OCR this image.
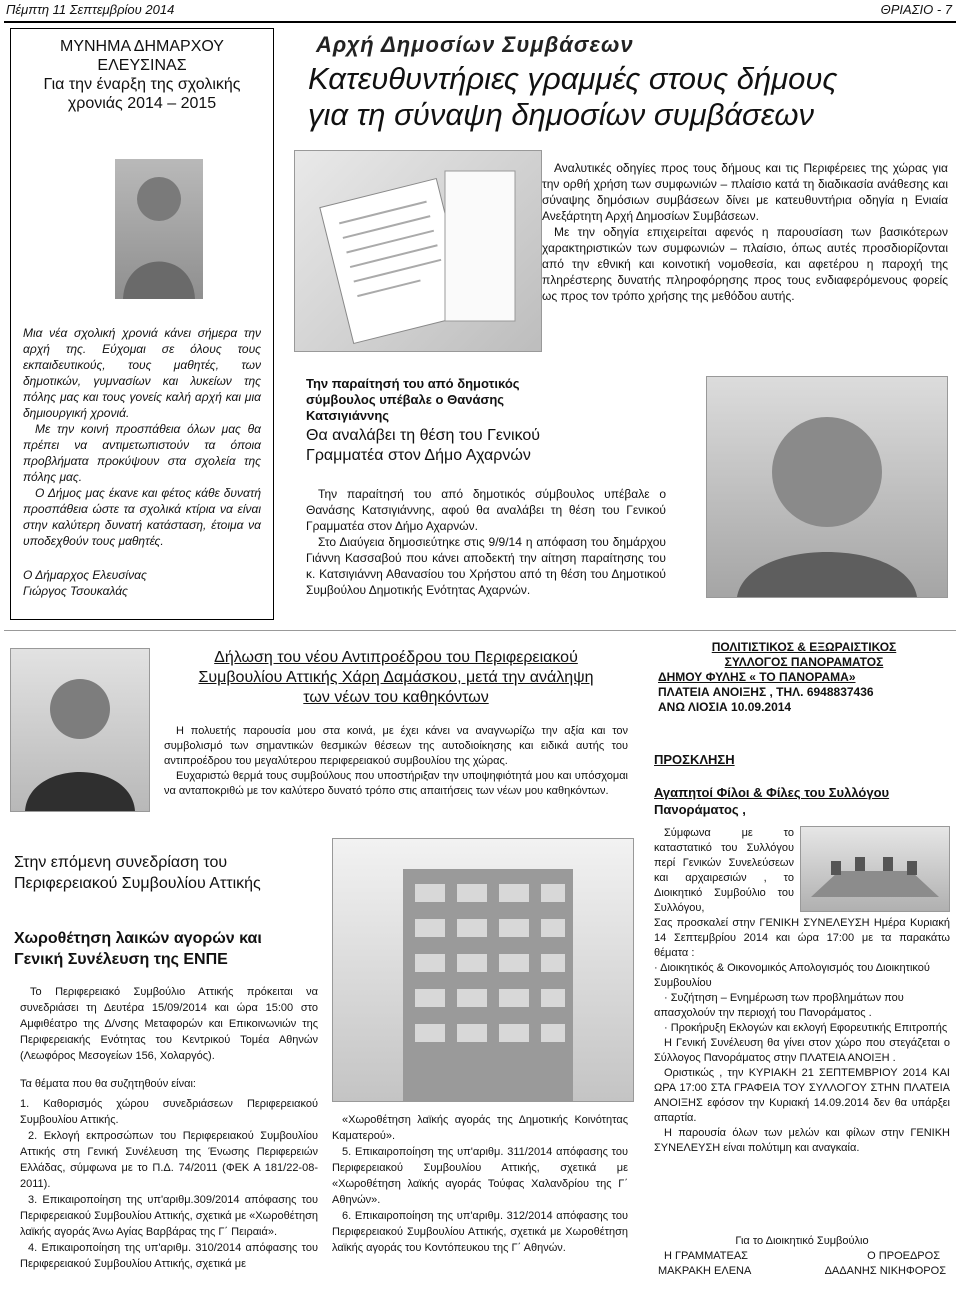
Πέμπτη 11 Σεπτεμβρίου 2014	ΘΡΙΑΣΙΟ - 7
ΜΥΝΗΜΑ ΔΗΜΑΡΧΟΥ
ΕΛΕΥΣΙΝΑΣ
Για την έναρξη της σχολικής
χρονιάς 2014 – 2015

Μια νέα σχολική χρονιά κάνει σήμερα την αρχή της. Εύχομαι σε όλους τους εκπαιδευτικούς, τους μαθητές, των δημοτικών, γυμνασίων και λυκείων της πόλης μας και τους γονείς καλή αρχή και μια δημιουργική χρονιά.

Με την κοινή προσπάθεια όλων μας θα πρέπει να αντιμετωπιστούν τα όποια προβλήματα προκύψουν στα σχολεία της πόλης μας.

Ο Δήμος μας έκανε και φέτος κάθε δυνατή προσπάθεια ώστε τα σχολικά κτίρια να είναι στην καλύτερη δυνατή κατάσταση, έτοιμα να υποδεχθούν τους μαθητές.

Ο Δήμαρχος Ελευσίνας

Γιώργος Τσουκαλάς

Αρχή Δημοσίων Συμβάσεων
Κατευθυντήριες γραμμές στους δήμους
για τη σύναψη δημοσίων συμβάσεων

Αναλυτικές οδηγίες προς τους δήμους και τις Περιφέρειες της χώρας για την ορθή χρήση των συμφωνιών – πλαίσιο κατά τη διαδικασία ανάθεσης και σύναψης δημόσιων συμβάσεων δίνει με κατευθυντήρια οδηγία η Ενιαία Ανεξάρτητη Αρχή Δημοσίων Συμβάσεων.

Με την οδηγία επιχειρείται αφενός η παρουσίαση των βασικότερων χαρακτηριστικών των συμφωνιών – πλαίσιο, όπως αυτές προσδιορίζονται από την εθνική και κοινοτική νομοθεσία, και αφετέρου η παροχή της πληρέστερης δυνατής πληροφόρησης προς τους ενδιαφερόμενους φορείς ως προς τον τρόπο χρήσης της μεθόδου αυτής.

Την παραίτησή του από δημοτικός
σύμβουλος υπέβαλε ο Θανάσης
Κατσιγιάννης
Θα αναλάβει τη θέση του Γενικού
Γραμματέα στον Δήμο Αχαρνών

Την παραίτησή του από δημοτικός σύμβουλος υπέβαλε ο Θανάσης Κατσιγιάννης, αφού θα αναλάβει τη θέση του Γενικού Γραμματέα στον Δήμο Αχαρνών.

Στο Διαύγεια δημοσιεύτηκε στις 9/9/14 η απόφαση του δημάρχου Γιάννη Κασσαβού που κάνει αποδεκτή την αίτηση παραίτησης του κ. Κατσιγιάννη Αθανασίου του Χρήστου από τη θέση του Δημοτικού Συμβούλου Δημοτικής Ενότητας Αχαρνών.

Δήλωση του νέου Αντιπροέδρου του Περιφερειακού
Συμβουλίου Αττικής Χάρη Δαμάσκου, μετά την ανάληψη
των νέων του καθηκόντων

Η πολυετής παρουσία μου στα κοινά, με έχει κάνει να αναγνωρίζω την αξία και τον συμβολισμό των σημαντικών θεσμικών θέσεων της αυτοδιοίκησης και ειδικά αυτής του αντιπροέδρου του μεγαλύτερου περιφερειακού συμβουλίου της χώρας.

Ευχαριστώ θερμά τους συμβούλους που υποστήριξαν την υποψηφιότητά μου και υπόσχομαι να ανταποκριθώ με τον καλύτερο δυνατό τρόπο στις απαιτήσεις των νέων μου καθηκόντων.

Στην επόμενη συνεδρίαση του
Περιφερειακού Συμβουλίου Αττικής
Χωροθέτηση λαικών αγορών και
Γενική Συνέλευση της ΕΝΠΕ
Το Περιφερειακό Συμβούλιο Αττικής πρόκειται να συνεδριάσει τη Δευτέρα 15/09/2014 και ώρα 15:00 στο Αμφιθέατρο της Δ/νσης Μεταφορών και Επικοινωνιών της Περιφερειακής Ενότητας του Κεντρικού Τομέα Αθηνών (Λεωφόρος Μεσογείων 156, Χολαργός).

Τα θέματα που θα συζητηθούν είναι:

1. Καθορισμός χώρου συνεδριάσεων Περιφερειακού Συμβουλίου Αττικής.

2. Εκλογή εκπροσώπων του Περιφερειακού Συμβουλίου Αττικής στη Γενική Συνέλευση της Ένωσης Περιφερειών Ελλάδας, σύμφωνα με το Π.Δ. 74/2011 (ΦΕΚ Α 181/22-08-2011).

3. Επικαιροποίηση της υπ'αριθμ.309/2014 απόφασης του Περιφερειακού Συμβουλίου Αττικής, σχετικά με «Χωροθέτηση λαϊκής αγοράς Άνω Αγίας Βαρβάρας της Γ΄ Πειραιά».

4. Επικαιροποίηση της υπ'αριθμ. 310/2014 απόφασης του Περιφερειακού Συμβουλίου Αττικής, σχετικά με

«Χωροθέτηση λαϊκής αγοράς της Δημοτικής Κοινότητας Καματερού».

5. Επικαιροποίηση της υπ'αριθμ. 311/2014 απόφασης του Περιφερειακού Συμβουλίου Αττικής, σχετικά με «Χωροθέτηση λαϊκής αγοράς Τούφας Χαλανδρίου της Γ΄ Αθηνών».

6. Επικαιροποίηση της υπ'αριθμ. 312/2014 απόφασης του Περιφερειακού Συμβουλίου Αττικής, σχετικά με Χωροθέτηση λαϊκής αγοράς του Κοντόπευκου της Γ΄ Αθηνών.

ΠΟΛΙΤΙΣΤΙΚΟΣ & ΕΞΩΡΑΙΣΤΙΚΟΣ
ΣΥΛΛΟΓΟΣ ΠΑΝΟΡΑΜΑΤΟΣ
ΔΗΜΟΥ ΦΥΛΗΣ « ΤΟ ΠΑΝΟΡΑΜΑ»
ΠΛΑΤΕΙΑ ΑΝΟΙΞΗΣ , ΤΗΛ. 6948837436
ΑΝΩ ΛΙΟΣΙΑ 10.09.2014
ΠΡΟΣΚΛΗΣΗ
Αγαπητοί Φίλοι & Φίλες του Συλλόγου
Πανοράματος ,

Σύμφωνα με το καταστατικό του Συλλόγου περί Γενικών Συνελεύσεων και αρχαιρεσιών , το Διοικητικό Συμβούλιο του Συλλόγου,

Σας προσκαλεί στην ΓΕΝΙΚΗ ΣΥΝΕΛΕΥΣΗ Ημέρα Κυριακή 14 Σεπτεμβρίου 2014 και ώρα 17:00 με τα παρακάτω θέματα :

· Διοικητικός & Οικονομικός Απολογισμός του Διοικητικού Συμβουλίου

· Συζήτηση – Ενημέρωση των προβλημάτων που απασχολούν την περιοχή του Πανοράματος .

· Προκήρυξη Εκλογών και εκλογή Εφορευτικής Επιτροπής

Η Γενική Συνέλευση θα γίνει στον χώρο που στεγάζεται ο Σύλλογος Πανοράματος στην ΠΛΑΤΕΙΑ ΑΝΟΙΞΗ .

Οριστικώς , την ΚΥΡΙΑΚΗ 21 ΣΕΠΤΕΜΒΡΙΟΥ 2014 ΚΑΙ ΩΡΑ 17:00 ΣΤΑ ΓΡΑΦΕΙΑ ΤΟΥ ΣΥΛΛΟΓΟΥ ΣΤΗΝ ΠΛΑΤΕΙΑ ΑΝΟΙΞΗΣ εφόσον την Κυριακή 14.09.2014 δεν θα υπάρξει απαρτία.

Η παρουσία όλων των μελών και φίλων στην ΓΕΝΙΚΗ ΣΥΝΕΛΕΥΣΗ είναι πολύτιμη και αναγκαία.

Για το Διοικητικό Συμβούλιο
Η ΓΡΑΜΜΑΤΕΑΣ	Ο ΠΡΟΕΔΡΟΣ
ΜΑΚΡΑΚΗ ΕΛΕΝΑ	ΔΑΔΑΝΗΣ ΝΙΚΗΦΟΡΟΣ
